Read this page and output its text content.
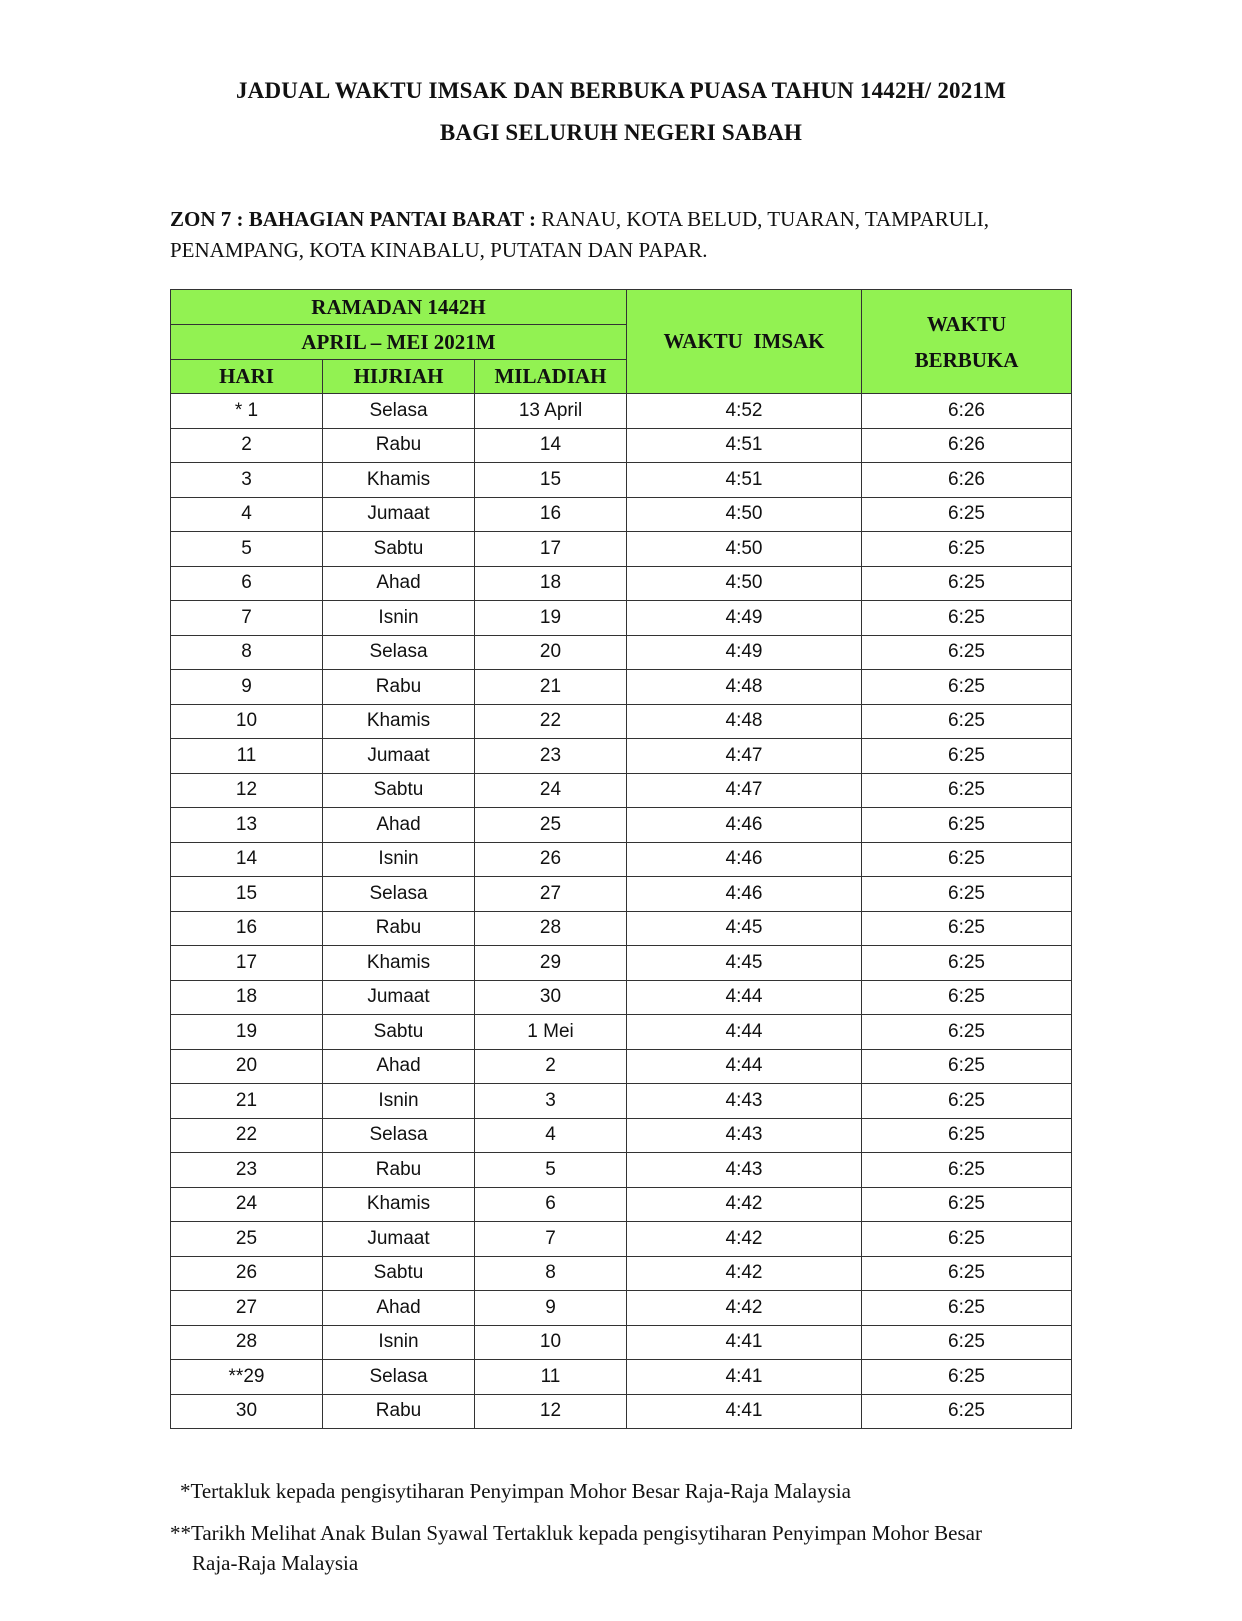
JADUAL WAKTU IMSAK DAN BERBUKA PUASA TAHUN 1442H/ 2021M
BAGI SELURUH NEGERI SABAH
ZON 7 : BAHAGIAN PANTAI BARAT : RANAU, KOTA BELUD, TUARAN, TAMPARULI,
PENAMPANG, KOTA KINABALU, PUTATAN DAN PAPAR.
RAMADAN 1442H			WAKTU  IMSAK	WAKTU
BERBUKA
APRIL – MEI 2021M				
HARI	HIJRIAH	MILADIAH		
* 1	Selasa	13 April	4:52	6:26
2	Rabu	14	4:51	6:26
3	Khamis	15	4:51	6:26
4	Jumaat	16	4:50	6:25
5	Sabtu	17	4:50	6:25
6	Ahad	18	4:50	6:25
7	Isnin	19	4:49	6:25
8	Selasa	20	4:49	6:25
9	Rabu	21	4:48	6:25
10	Khamis	22	4:48	6:25
11	Jumaat	23	4:47	6:25
12	Sabtu	24	4:47	6:25
13	Ahad	25	4:46	6:25
14	Isnin	26	4:46	6:25
15	Selasa	27	4:46	6:25
16	Rabu	28	4:45	6:25
17	Khamis	29	4:45	6:25
18	Jumaat	30	4:44	6:25
19	Sabtu	1 Mei	4:44	6:25
20	Ahad	2	4:44	6:25
21	Isnin	3	4:43	6:25
22	Selasa	4	4:43	6:25
23	Rabu	5	4:43	6:25
24	Khamis	6	4:42	6:25
25	Jumaat	7	4:42	6:25
26	Sabtu	8	4:42	6:25
27	Ahad	9	4:42	6:25
28	Isnin	10	4:41	6:25
**29	Selasa	11	4:41	6:25
30	Rabu	12	4:41	6:25
*Tertakluk kepada pengisytiharan Penyimpan Mohor Besar Raja-Raja Malaysia
**Tarikh Melihat Anak Bulan Syawal Tertakluk kepada pengisytiharan Penyimpan Mohor Besar
Raja-Raja Malaysia
